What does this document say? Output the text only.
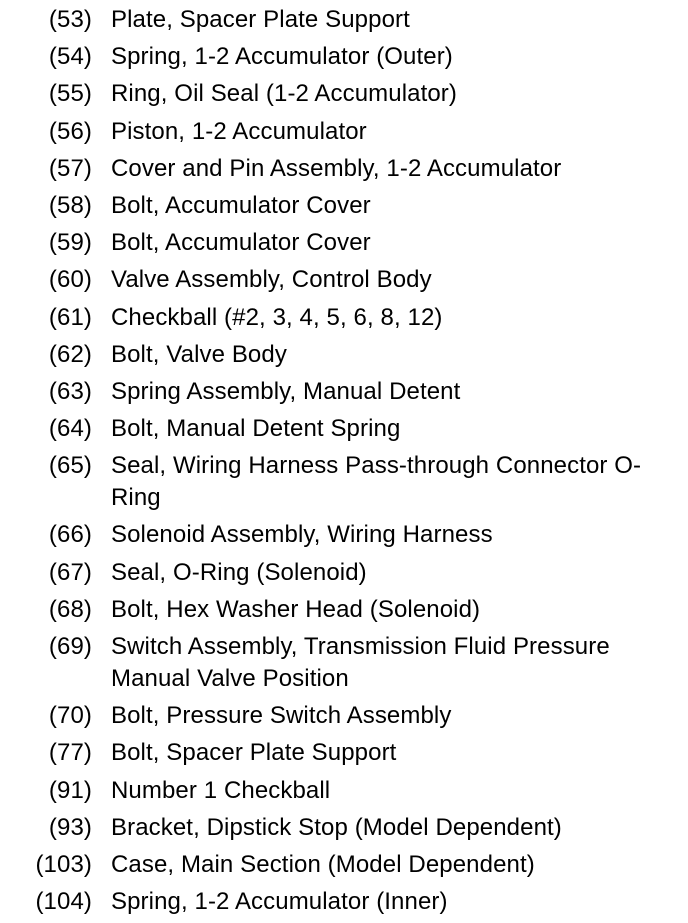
(53) Plate, Spacer Plate Support
(54) Spring, 1-2 Accumulator (Outer)
(55) Ring, Oil Seal (1-2 Accumulator)
(56) Piston, 1-2 Accumulator
(57) Cover and Pin Assembly, 1-2 Accumulator
(58) Bolt, Accumulator Cover
(59) Bolt, Accumulator Cover
(60) Valve Assembly, Control Body
(61) Checkball (#2, 3, 4, 5, 6, 8, 12)
(62) Bolt, Valve Body
(63) Spring Assembly, Manual Detent
(64) Bolt, Manual Detent Spring
(65) Seal, Wiring Harness Pass-through Connector O-Ring
(66) Solenoid Assembly, Wiring Harness
(67) Seal, O-Ring (Solenoid)
(68) Bolt, Hex Washer Head (Solenoid)
(69) Switch Assembly, Transmission Fluid Pressure Manual Valve Position
(70) Bolt, Pressure Switch Assembly
(77) Bolt, Spacer Plate Support
(91) Number 1 Checkball
(93) Bracket, Dipstick Stop (Model Dependent)
(103) Case, Main Section (Model Dependent)
(104) Spring, 1-2 Accumulator (Inner)
